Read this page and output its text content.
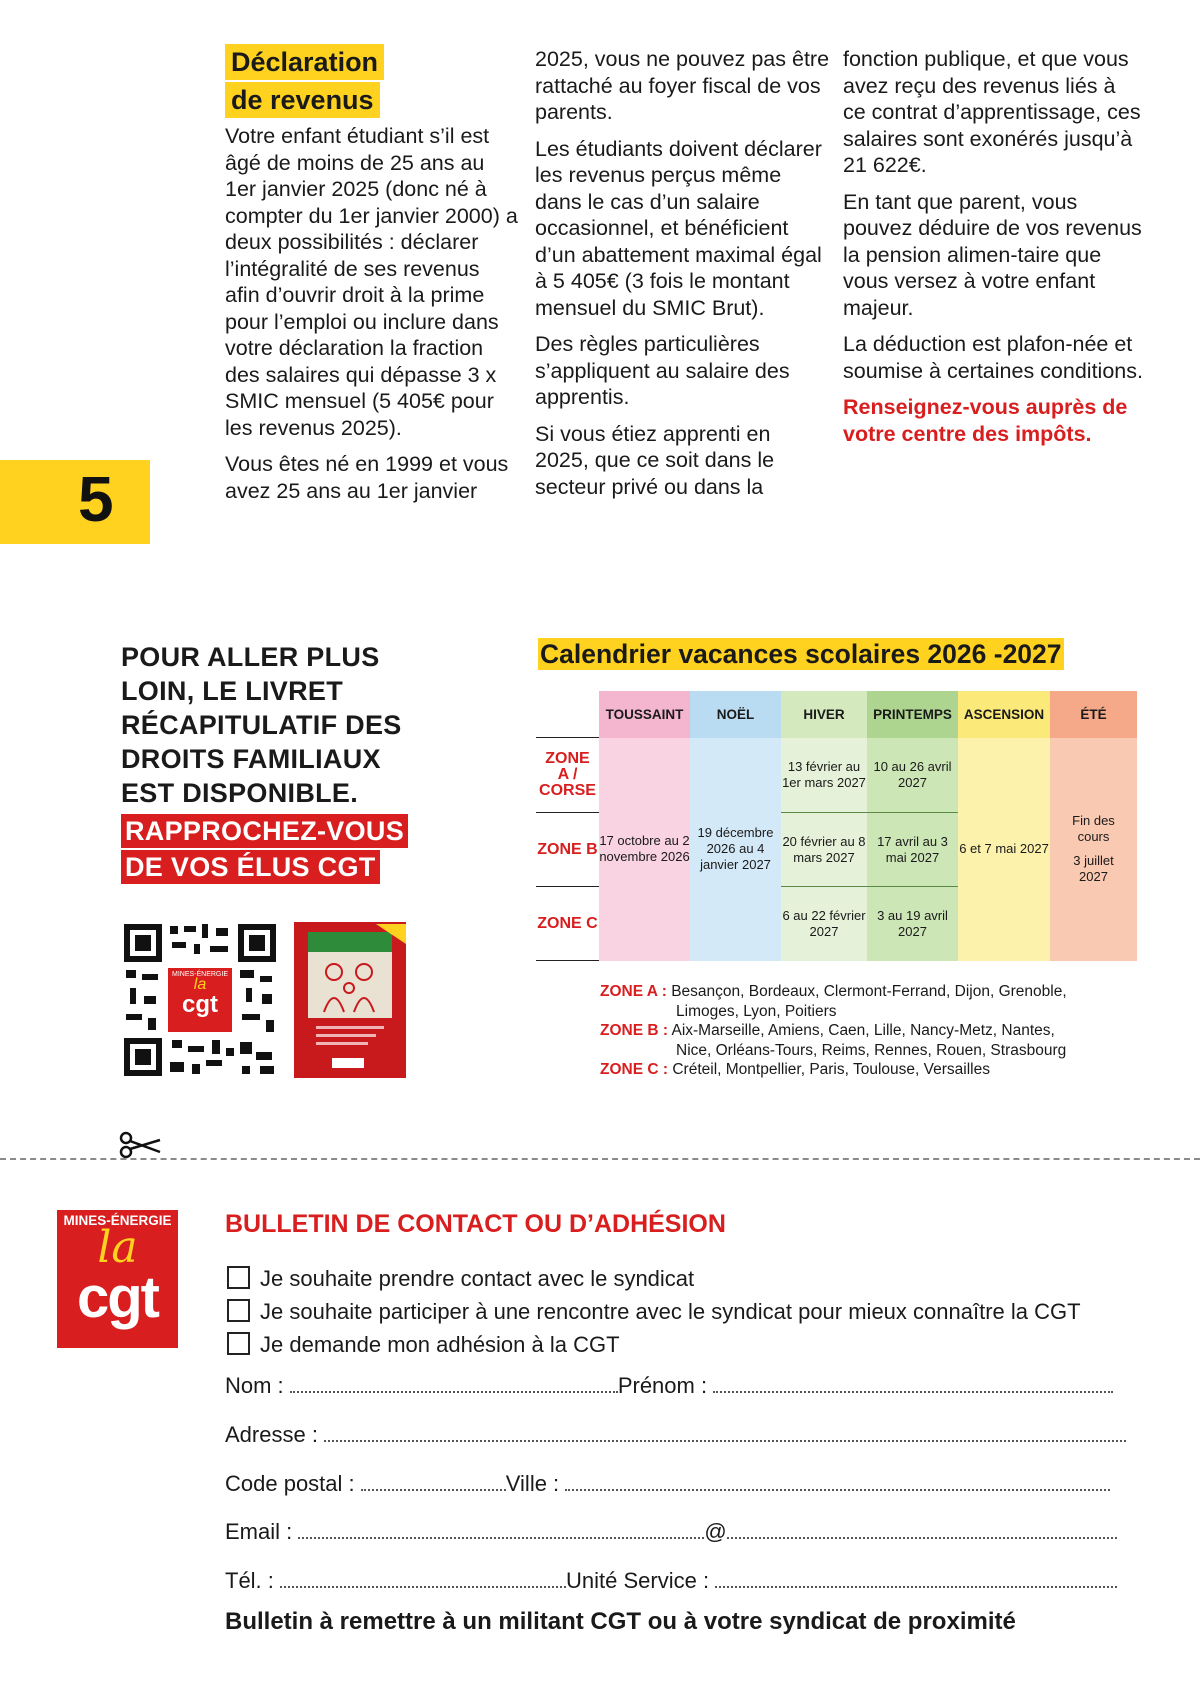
Déclaration
de revenus

Votre enfant étudiant s’il est âgé de moins de 25 ans au 1er janvier 2025 (donc né à compter du 1er janvier 2000) a deux possibilités : déclarer l’intégralité de ses revenus afin d’ouvrir droit à la prime pour l’emploi ou inclure dans votre déclaration la fraction des salaires qui dépasse 3 x SMIC mensuel (5 405€ pour les revenus 2025).

Vous êtes né en 1999 et vous avez 25 ans au 1er janvier

2025, vous ne pouvez pas être rattaché au foyer fiscal de vos parents.

Les étudiants doivent déclarer les revenus perçus même dans le cas d’un salaire occasionnel, et bénéficient d’un abattement maximal égal à 5 405€ (3 fois le montant mensuel du SMIC Brut).

Des règles particulières s’appliquent au salaire des apprentis.

Si vous étiez apprenti en 2025, que ce soit dans le secteur privé ou dans la

fonction publique, et que vous avez reçu des revenus liés à ce contrat d’apprentissage, ces salaires sont exonérés jusqu’à 21 622€.

En tant que parent, vous pouvez déduire de vos revenus la pension alimen-taire que vous versez à votre enfant majeur.

La déduction est plafon-née et soumise à certaines conditions.

Renseignez-vous auprès de votre centre des impôts.

5
POUR ALLER PLUS
LOIN, LE LIVRET
RÉCAPITULATIF DES
DROITS FAMILIAUX
EST DISPONIBLE.
RAPPROCHEZ-VOUS
DE VOS ÉLUS CGT
MINES-ÉNERGIE
la
cgt
Calendrier vacances scolaires 2026 -2027
	TOUSSAINT	NOËL	HIVER	PRINTEMPS	ASCENSION	ÉTÉ
ZONE A / CORSE	17 octobre au 2 novembre 2026	19 décembre 2026 au 4 janvier 2027	13 février au 1er mars 2027	10 au 26 avril 2027	6 et 7 mai 2027	Fin des cours
3 juillet 2027

ZONE B			20 février au 8 mars 2027	17 avril au 3 mai 2027		
ZONE C			6 au 22 février 2027	3 au 19 avril 2027		
ZONE A : Besançon, Bordeaux, Clermont-Ferrand, Dijon, Grenoble,
Limoges, Lyon, Poitiers
ZONE B : Aix-Marseille, Amiens, Caen, Lille, Nancy-Metz, Nantes,
Nice, Orléans-Tours, Reims, Rennes, Rouen, Strasbourg
ZONE C : Créteil, Montpellier, Paris, Toulouse, Versailles
MINES-ÉNERGIE
la
cgt
BULLETIN DE CONTACT OU D’ADHÉSION
Je souhaite prendre contact avec le syndicat
Je souhaite participer à une rencontre avec le syndicat pour mieux connaître la CGT
Je demande mon adhésion à la CGT
Nom :	Prénom :
Adresse :
Code postal :	Ville :
Email :	@
Tél. :	Unité Service :
Bulletin à remettre à un militant CGT ou à votre syndicat de proximité
